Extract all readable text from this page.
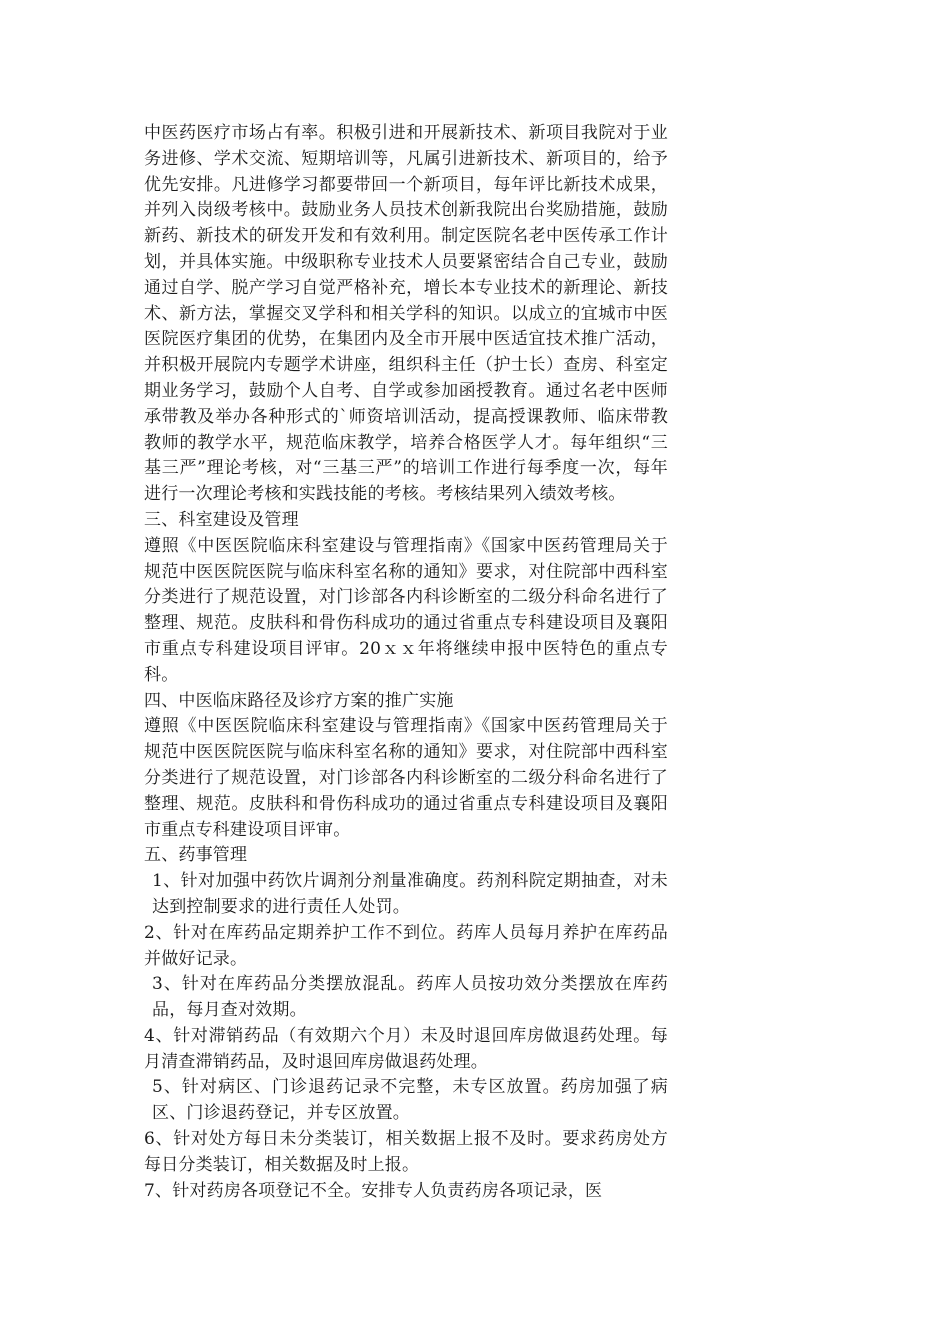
中医药医疗市场占有率。积极引进和开展新技术、新项目我院对于业务进修、学术交流、短期培训等，凡属引进新技术、新项目的，给予优先安排。凡进修学习都要带回一个新项目，每年评比新技术成果，并列入岗级考核中。鼓励业务人员技术创新我院出台奖励措施，鼓励新药、新技术的研发开发和有效利用。制定医院名老中医传承工作计划，并具体实施。中级职称专业技术人员要紧密结合自己专业，鼓励通过自学、脱产学习自觉严格补充，增长本专业技术的新理论、新技术、新方法，掌握交叉学科和相关学科的知识。以成立的宜城市中医医院医疗集团的优势，在集团内及全市开展中医适宜技术推广活动，并积极开展院内专题学术讲座，组织科主任（护士长）查房、科室定期业务学习，鼓励个人自考、自学或参加函授教育。通过名老中医师承带教及举办各种形式的`师资培训活动，提高授课教师、临床带教教师的教学水平，规范临床教学，培养合格医学人才。每年组织“三基三严”理论考核，对“三基三严”的培训工作进行每季度一次，每年进行一次理论考核和实践技能的考核。考核结果列入绩效考核。

三、科室建设及管理

遵照《中医医院临床科室建设与管理指南》《国家中医药管理局关于规范中医医院医院与临床科室名称的通知》要求，对住院部中西科室分类进行了规范设置，对门诊部各内科诊断室的二级分科命名进行了整理、规范。皮肤科和骨伤科成功的通过省重点专科建设项目及襄阳市重点专科建设项目评审。20ｘｘ年将继续申报中医特色的重点专科。

四、中医临床路径及诊疗方案的推广实施

遵照《中医医院临床科室建设与管理指南》《国家中医药管理局关于规范中医医院医院与临床科室名称的通知》要求，对住院部中西科室分类进行了规范设置，对门诊部各内科诊断室的二级分科命名进行了整理、规范。皮肤科和骨伤科成功的通过省重点专科建设项目及襄阳市重点专科建设项目评审。

五、药事管理

1、针对加强中药饮片调剂分剂量准确度。药剂科院定期抽查，对未达到控制要求的进行责任人处罚。

2、针对在库药品定期养护工作不到位。药库人员每月养护在库药品并做好记录。

3、针对在库药品分类摆放混乱。药库人员按功效分类摆放在库药品，每月查对效期。

4、针对滞销药品（有效期六个月）未及时退回库房做退药处理。每月清查滞销药品，及时退回库房做退药处理。

5、针对病区、门诊退药记录不完整，未专区放置。药房加强了病区、门诊退药登记，并专区放置。

6、针对处方每日未分类装订，相关数据上报不及时。要求药房处方每日分类装订，相关数据及时上报。

7、针对药房各项登记不全。安排专人负责药房各项记录，医
